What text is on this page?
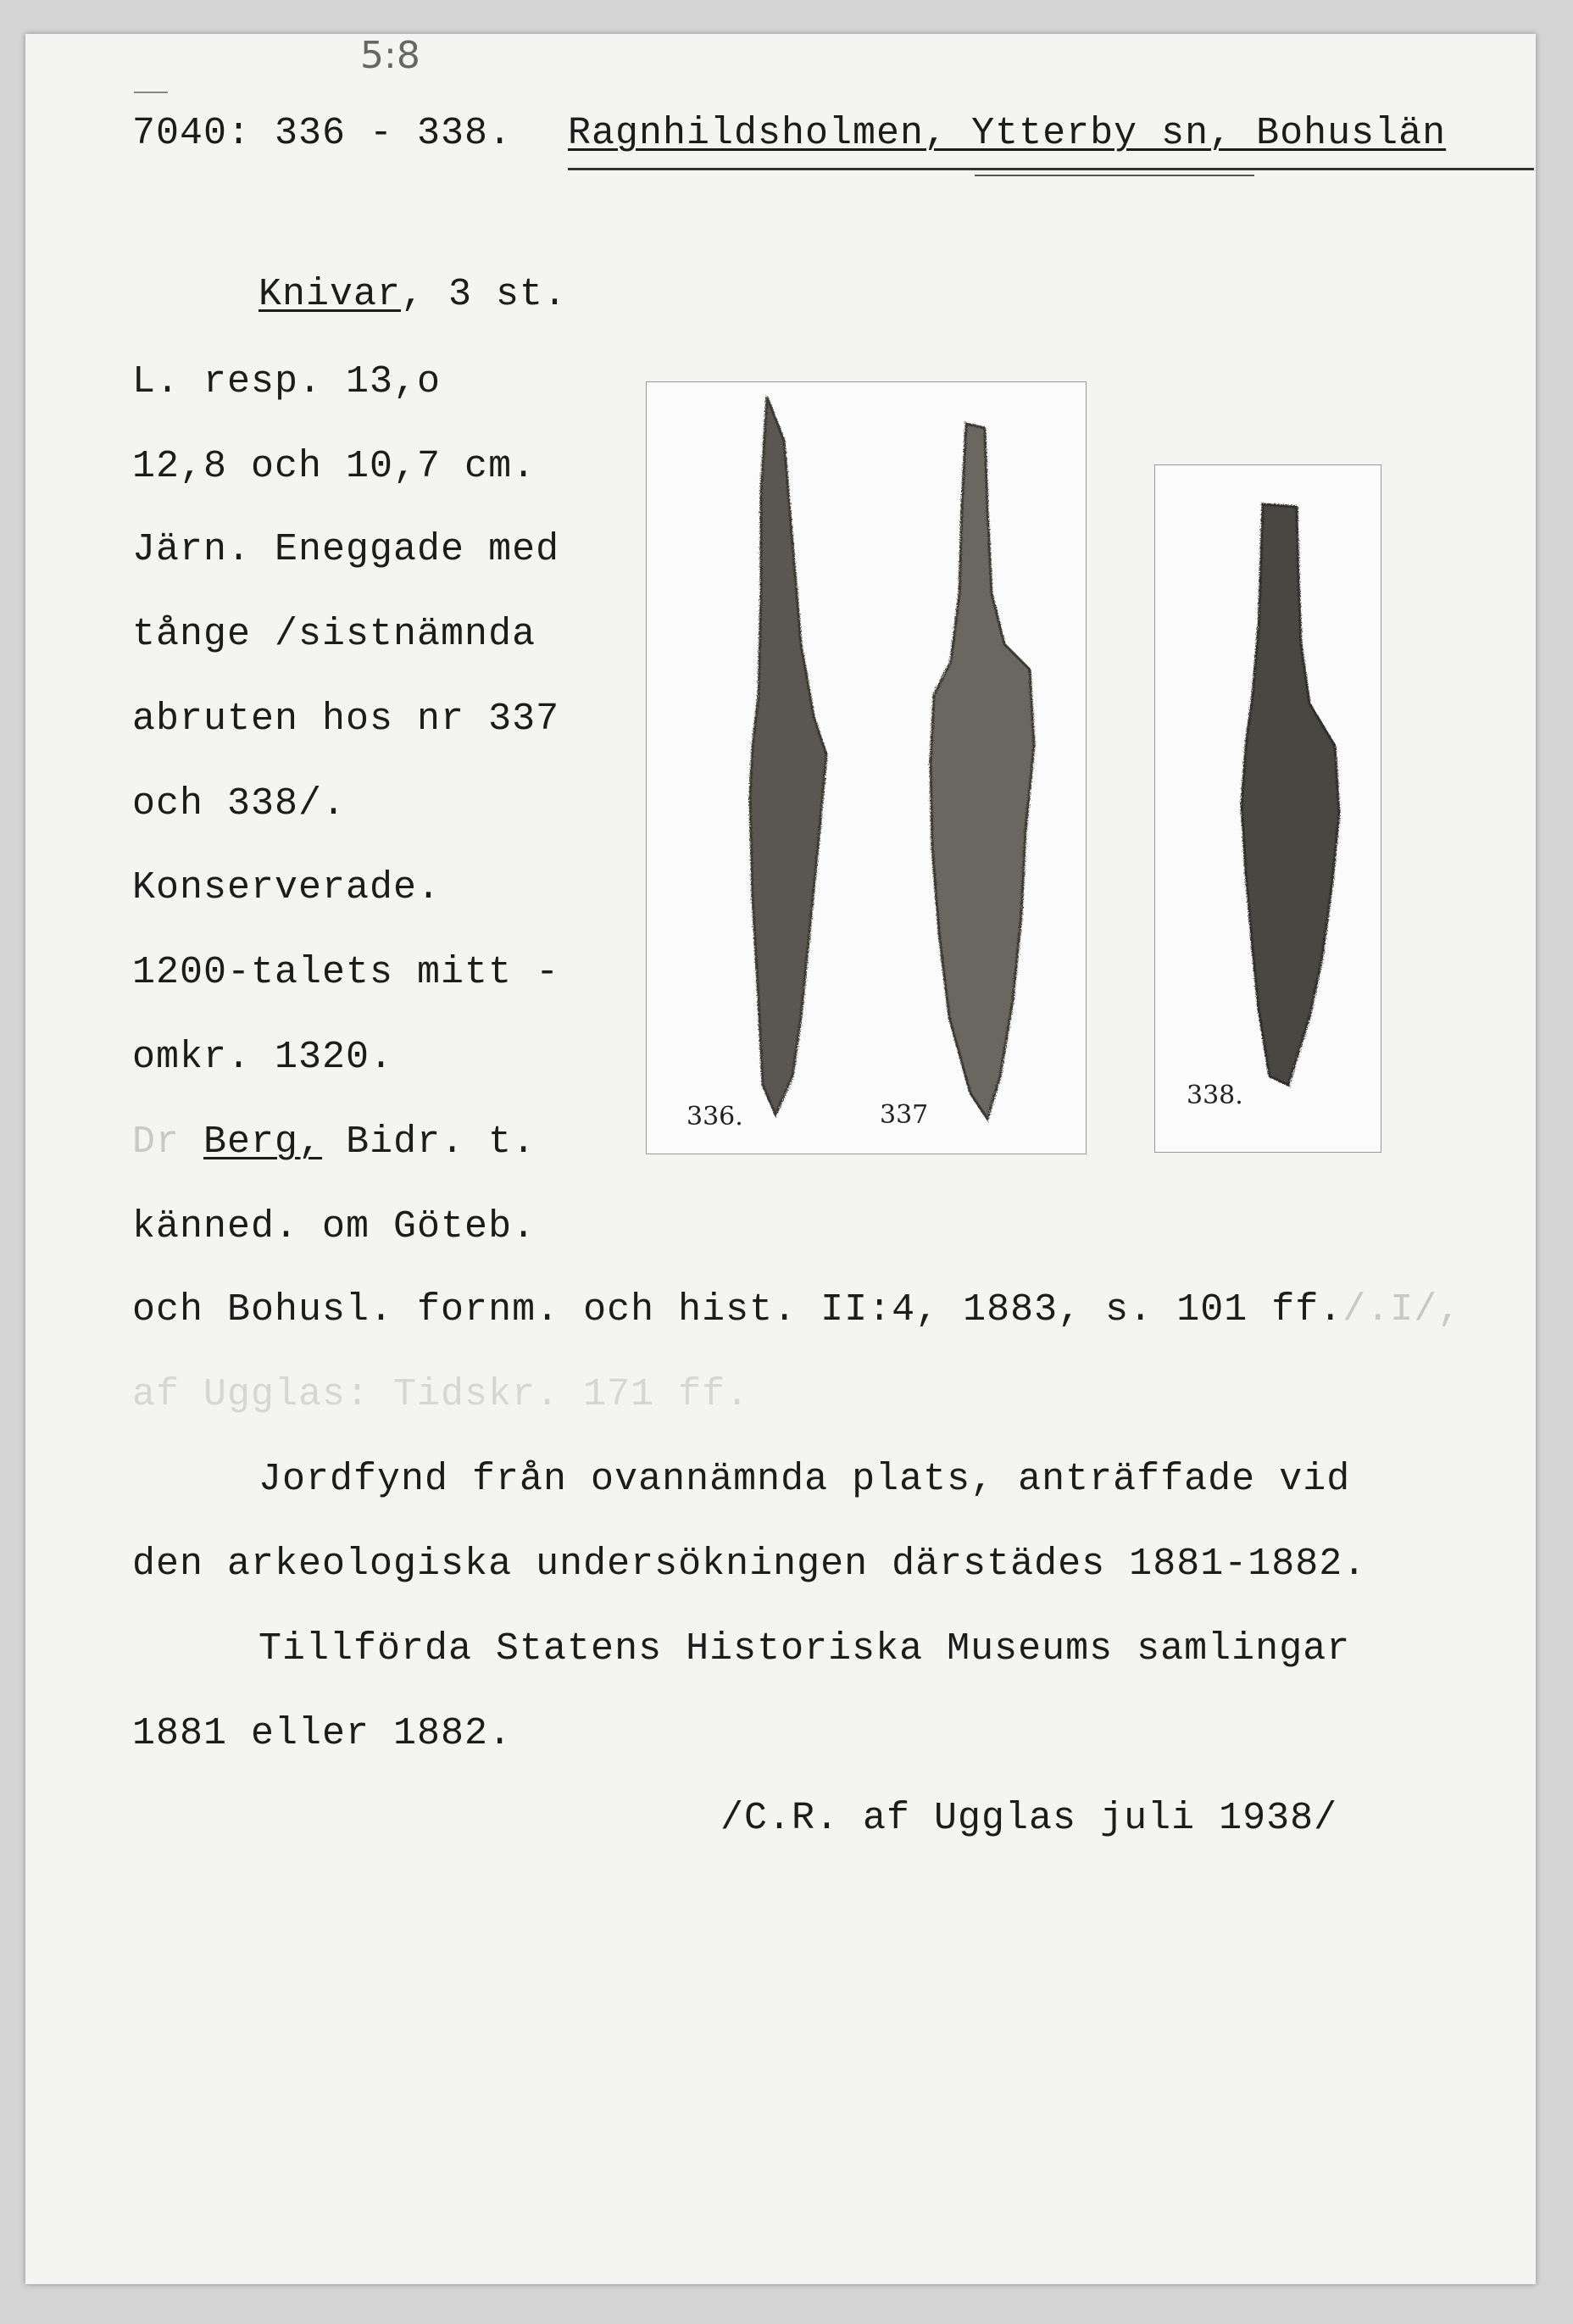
5:8
7040: 336 - 338. Ragnhildsholmen, Ytterby sn, Bohuslän
Knivar, 3 st.
L. resp. 13,o
12,8 och 10,7 cm.
Järn. Eneggade med
tånge /sistnämnda
abruten hos nr 337
och 338/.
Konserverade.
1200-talets mitt -
omkr. 1320.
Dr Berg, Bidr. t.
känned. om Göteb.
och Bohusl. fornm. och hist. II:4, 1883, s. 101 ff./.I/,
af Ugglas: Tidskr. 171 ff.
Jordfynd från ovannämnda plats, anträffade vid
den arkeologiska undersökningen därstädes 1881-1882.
Tillförda Statens Historiska Museums samlingar
1881 eller 1882.
/C.R. af Ugglas juli 1938/
336.	337
338.
